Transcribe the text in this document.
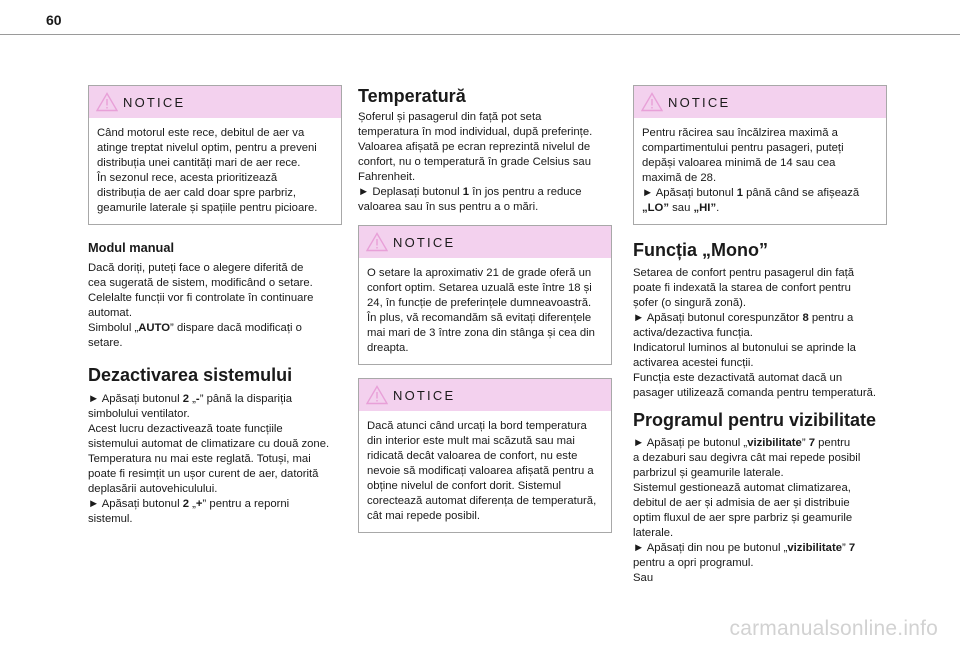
60
NOTICE
Când motorul este rece, debitul de aer va
atinge treptat nivelul optim, pentru a preveni
distribuția unei cantități mari de aer rece.
În sezonul rece, acesta prioritizează
distribuția de aer cald doar spre parbriz,
geamurile laterale și spațiile pentru picioare.
Modul manual
Dacă doriți, puteți face o alegere diferită de
cea sugerată de sistem, modificând o setare.
Celelalte funcții vor fi controlate în continuare
automat.
Simbolul „AUTO” dispare dacă modificați o
setare.
Dezactivarea sistemului
► Apăsați butonul 2 „-” până la dispariția
simbolului ventilator.
Acest lucru dezactivează toate funcțiile
sistemului automat de climatizare cu două zone.
Temperatura nu mai este reglată. Totuși, mai
poate fi resimțit un ușor curent de aer, datorită
deplasării autovehiculului.
► Apăsați butonul 2 „+” pentru a reporni
sistemul.
Temperatură
Șoferul și pasagerul din față pot seta
temperatura în mod individual, după preferințe.
Valoarea afișată pe ecran reprezintă nivelul de
confort, nu o temperatură în grade Celsius sau
Fahrenheit.
► Deplasați butonul 1 în jos pentru a reduce
valoarea sau în sus pentru a o mări.
NOTICE
O setare la aproximativ 21 de grade oferă un
confort optim. Setarea uzuală este între 18 și
24, în funcție de preferințele dumneavoastră.
În plus, vă recomandăm să evitați diferențele
mai mari de 3 între zona din stânga și cea din
dreapta.
NOTICE
Dacă atunci când urcați la bord temperatura
din interior este mult mai scăzută sau mai
ridicată decât valoarea de confort, nu este
nevoie să modificați valoarea afișată pentru a
obține nivelul de confort dorit. Sistemul
corectează automat diferența de temperatură,
cât mai repede posibil.
NOTICE
Pentru răcirea sau încălzirea maximă a
compartimentului pentru pasageri, puteți
depăși valoarea minimă de 14 sau cea
maximă de 28.
► Apăsați butonul 1 până când se afișează
„LO” sau „HI”.
Funcția „Mono”
Setarea de confort pentru pasagerul din față
poate fi indexată la starea de confort pentru
șofer (o singură zonă).
► Apăsați butonul corespunzător 8 pentru a
activa/dezactiva funcția.
Indicatorul luminos al butonului se aprinde la
activarea acestei funcții.
Funcția este dezactivată automat dacă un
pasager utilizează comanda pentru temperatură.
Programul pentru vizibilitate
► Apăsați pe butonul „vizibilitate” 7 pentru
a dezaburi sau degivra cât mai repede posibil
parbrizul și geamurile laterale.
Sistemul gestionează automat climatizarea,
debitul de aer și admisia de aer și distribuie
optim fluxul de aer spre parbriz și geamurile
laterale.
► Apăsați din nou pe butonul „vizibilitate” 7
pentru a opri programul.
Sau
carmanualsonline.info
